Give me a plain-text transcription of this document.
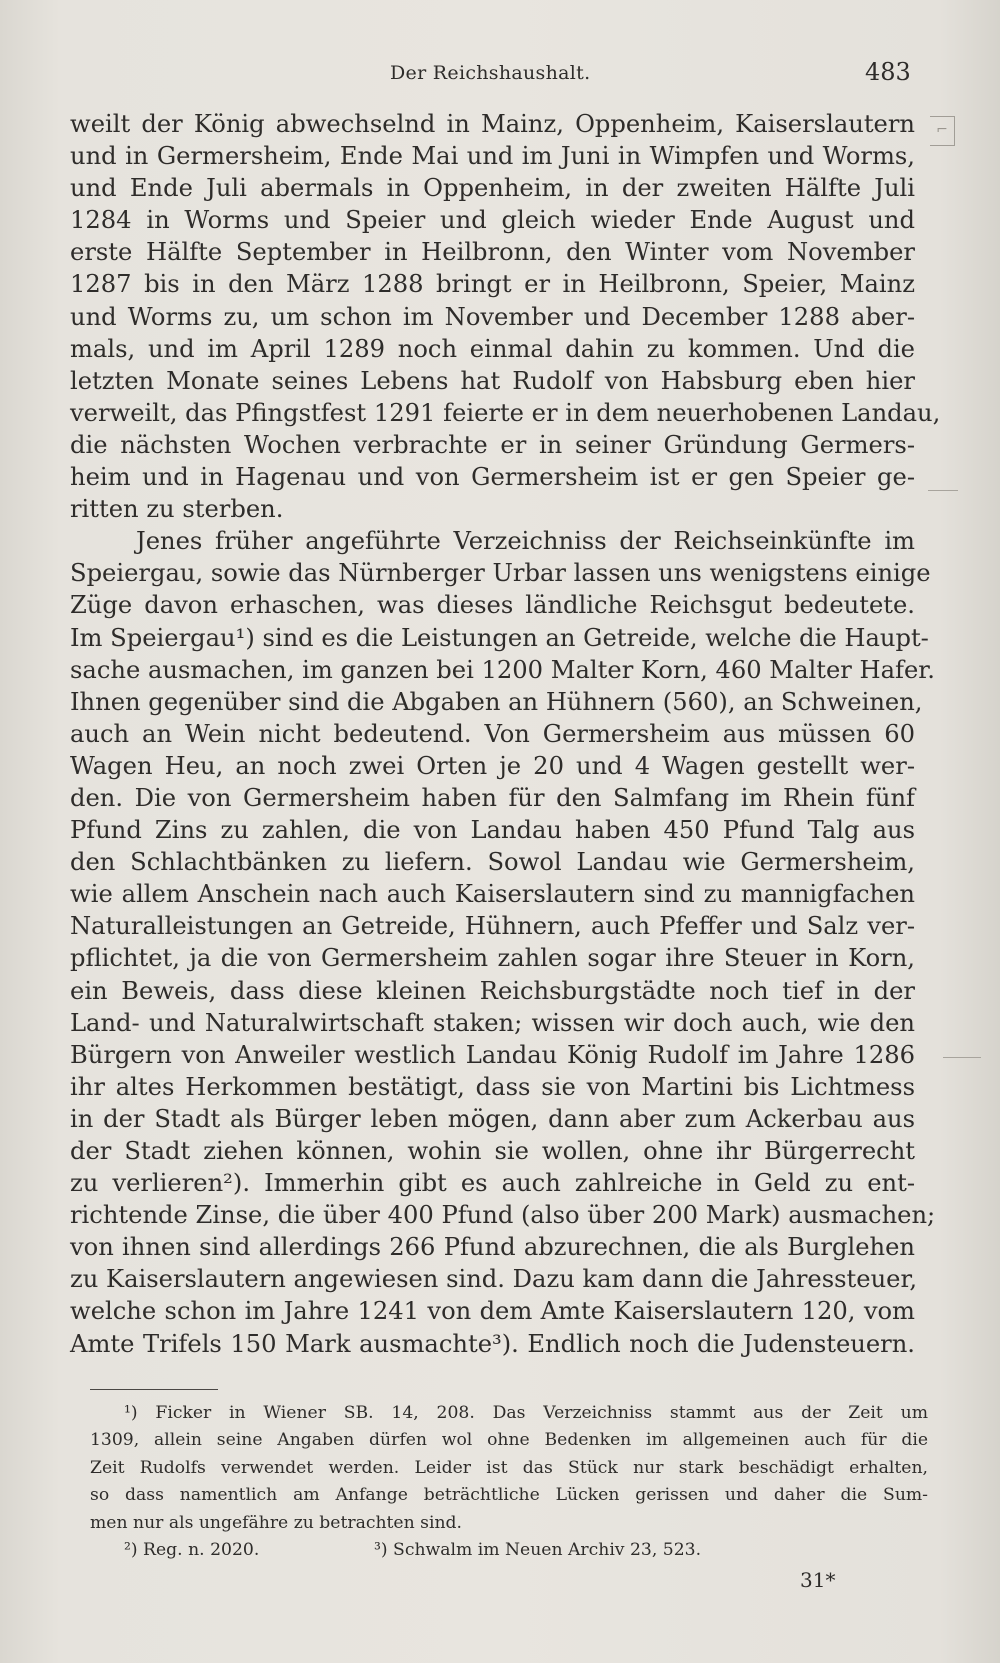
Der Reichshaushalt.	483
⌐
weilt der König abwechselnd in Mainz, Oppenheim, Kaiserslautern
und in Germersheim, Ende Mai und im Juni in Wimpfen und Worms,
und Ende Juli abermals in Oppenheim, in der zweiten Hälfte Juli
1284 in Worms und Speier und gleich wieder Ende August und
erste Hälfte September in Heilbronn, den Winter vom November
1287 bis in den März 1288 bringt er in Heilbronn, Speier, Mainz
und Worms zu, um schon im November und December 1288 aber-
mals, und im April 1289 noch einmal dahin zu kommen. Und die
letzten Monate seines Lebens hat Rudolf von Habsburg eben hier
verweilt, das Pfingstfest 1291 feierte er in dem neuerhobenen Landau,
die nächsten Wochen verbrachte er in seiner Gründung Germers-
heim und in Hagenau und von Germersheim ist er gen Speier ge-
ritten zu sterben.
Jenes früher angeführte Verzeichniss der Reichseinkünfte im
Speiergau, sowie das Nürnberger Urbar lassen uns wenigstens einige
Züge davon erhaschen, was dieses ländliche Reichsgut bedeutete.
Im Speiergau¹) sind es die Leistungen an Getreide, welche die Haupt-
sache ausmachen, im ganzen bei 1200 Malter Korn, 460 Malter Hafer.
Ihnen gegenüber sind die Abgaben an Hühnern (560), an Schweinen,
auch an Wein nicht bedeutend. Von Germersheim aus müssen 60
Wagen Heu, an noch zwei Orten je 20 und 4 Wagen gestellt wer-
den. Die von Germersheim haben für den Salmfang im Rhein fünf
Pfund Zins zu zahlen, die von Landau haben 450 Pfund Talg aus
den Schlachtbänken zu liefern. Sowol Landau wie Germersheim,
wie allem Anschein nach auch Kaiserslautern sind zu mannigfachen
Naturalleistungen an Getreide, Hühnern, auch Pfeffer und Salz ver-
pflichtet, ja die von Germersheim zahlen sogar ihre Steuer in Korn,
ein Beweis, dass diese kleinen Reichsburgstädte noch tief in der
Land- und Naturalwirtschaft staken; wissen wir doch auch, wie den
Bürgern von Anweiler westlich Landau König Rudolf im Jahre 1286
ihr altes Herkommen bestätigt, dass sie von Martini bis Lichtmess
in der Stadt als Bürger leben mögen, dann aber zum Ackerbau aus
der Stadt ziehen können, wohin sie wollen, ohne ihr Bürgerrecht
zu verlieren²). Immerhin gibt es auch zahlreiche in Geld zu ent-
richtende Zinse, die über 400 Pfund (also über 200 Mark) ausmachen;
von ihnen sind allerdings 266 Pfund abzurechnen, die als Burglehen
zu Kaiserslautern angewiesen sind. Dazu kam dann die Jahressteuer,
welche schon im Jahre 1241 von dem Amte Kaiserslautern 120, vom
Amte Trifels 150 Mark ausmachte³). Endlich noch die Judensteuern.
¹) Ficker in Wiener SB. 14, 208. Das Verzeichniss stammt aus der Zeit um
1309, allein seine Angaben dürfen wol ohne Bedenken im allgemeinen auch für die
Zeit Rudolfs verwendet werden. Leider ist das Stück nur stark beschädigt erhalten,
so dass namentlich am Anfange beträchtliche Lücken gerissen und daher die Sum-
men nur als ungefähre zu betrachten sind.
²) Reg. n. 2020.	³) Schwalm im Neuen Archiv 23, 523.
31*
